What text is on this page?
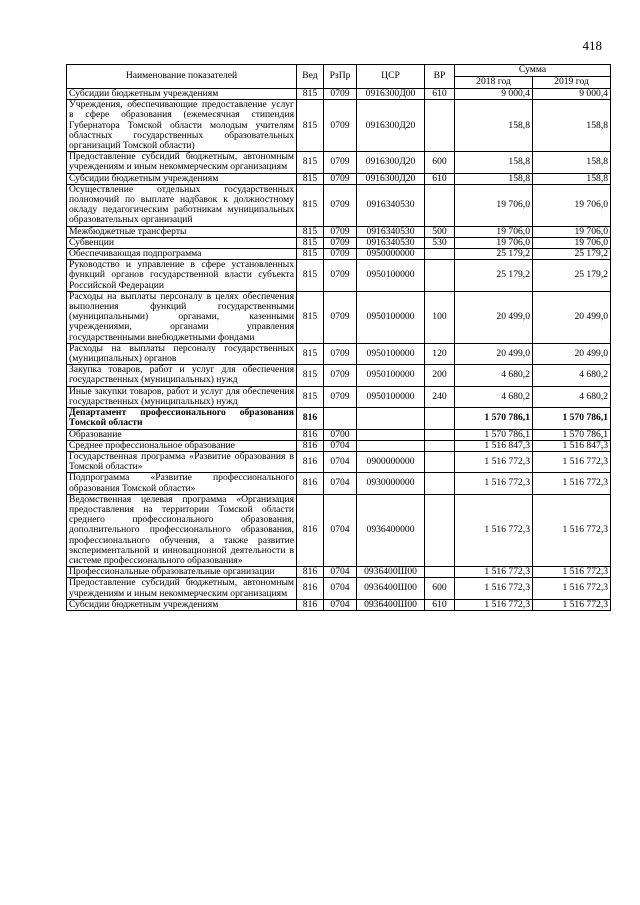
418
Наименование показателей	Вед	РзПр	ЦСР	ВР	Сумма	
					2018 год	2019 год
Субсидии бюджетным учреждениям	815	0709	0916300Д00	610	9 000,4	9 000,4
Учреждения, обеспечивающие предоставление услуг в сфере образования (ежемесячная стипендия Губернатора Томской области молодым учителям областных государственных образовательных организаций Томской области)	815	0709	0916300Д20		158,8	158,8
Предоставление субсидий бюджетным, автономным учреждениям и иным некоммерческим организациям	815	0709	0916300Д20	600	158,8	158,8
Субсидии бюджетным учреждениям	815	0709	0916300Д20	610	158,8	158,8
Осуществление отдельных государственных полномочий по выплате надбавок к должностному окладу педагогическим работникам муниципальных образовательных организаций	815	0709	0916340530		19 706,0	19 706,0
Межбюджетные трансферты	815	0709	0916340530	500	19 706,0	19 706,0
Субвенции	815	0709	0916340530	530	19 706,0	19 706,0
Обеспечивающая подпрограмма	815	0709	0950000000		25 179,2	25 179,2
Руководство и управление в сфере установленных функций органов государственной власти субъекта Российской Федерации	815	0709	0950100000		25 179,2	25 179,2
Расходы на выплаты персоналу в целях обеспечения выполнения функций государственными (муниципальными) органами, казенными учреждениями, органами управления государственными внебюджетными фондами	815	0709	0950100000	100	20 499,0	20 499,0
Расходы на выплаты персоналу государственных (муниципальных) органов	815	0709	0950100000	120	20 499,0	20 499,0
Закупка товаров, работ и услуг для обеспечения государственных (муниципальных) нужд	815	0709	0950100000	200	4 680,2	4 680,2
Иные закупки товаров, работ и услуг для обеспечения государственных (муниципальных) нужд	815	0709	0950100000	240	4 680,2	4 680,2
Департамент профессионального образования Томской области	816				1 570 786,1	1 570 786,1
Образование	816	0700			1 570 786,1	1 570 786,1
Среднее профессиональное образование	816	0704			1 516 847,3	1 516 847,3
Государственная программа «Развитие образования в Томской области»	816	0704	0900000000		1 516 772,3	1 516 772,3
Подпрограмма «Развитие профессионального образования Томской области»	816	0704	0930000000		1 516 772,3	1 516 772,3
Ведомственная целевая программа «Организация предоставления на территории Томской области среднего профессионального образования, дополнительного профессионального образования, профессионального обучения, а также развитие экспериментальной и инновационной деятельности в системе профессионального образования»	816	0704	0936400000		1 516 772,3	1 516 772,3
Профессиональные образовательные организации	816	0704	0936400Ш00		1 516 772,3	1 516 772,3
Предоставление субсидий бюджетным, автономным учреждениям и иным некоммерческим организациям	816	0704	0936400Ш00	600	1 516 772,3	1 516 772,3
Субсидии бюджетным учреждениям	816	0704	0936400Ш00	610	1 516 772,3	1 516 772,3
